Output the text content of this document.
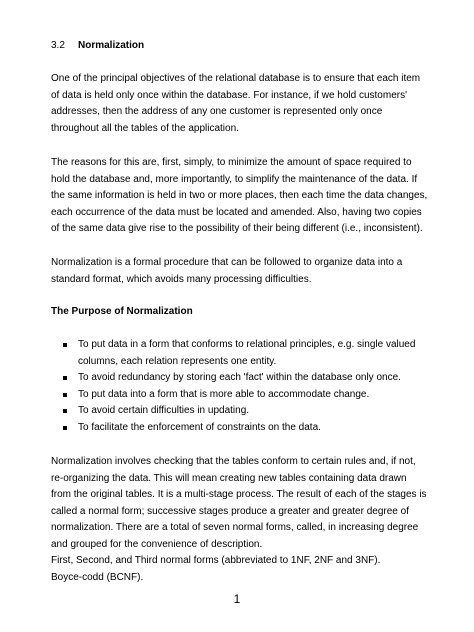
3.2 Normalization

One of the principal objectives of the relational database is to ensure that each item of data is held only once within the database. For instance, if we hold customers' addresses, then the address of any one customer is represented only once throughout all the tables of the application.

The reasons for this are, first, simply, to minimize the amount of space required to hold the database and, more importantly, to simplify the maintenance of the data. If the same information is held in two or more places, then each time the data changes, each occurrence of the data must be located and amended. Also, having two copies of the same data give rise to the possibility of their being different (i.e., inconsistent).

Normalization is a formal procedure that can be followed to organize data into a standard format, which avoids many processing difficulties.

The Purpose of Normalization
To put data in a form that conforms to relational principles, e.g. single valued columns, each relation represents one entity.
To avoid redundancy by storing each 'fact' within the database only once.
To put data into a form that is more able to accommodate change.
To avoid certain difficulties in updating.
To facilitate the enforcement of constraints on the data.

Normalization involves checking that the tables conform to certain rules and, if not, re-organizing the data. This will mean creating new tables containing data drawn from the original tables. It is a multi-stage process. The result of each of the stages is called a normal form; successive stages produce a greater and greater degree of normalization. There are a total of seven normal forms, called, in increasing degree and grouped for the convenience of description.

First, Second, and Third normal forms (abbreviated to 1NF, 2NF and 3NF).

Boyce-codd (BCNF).

1
